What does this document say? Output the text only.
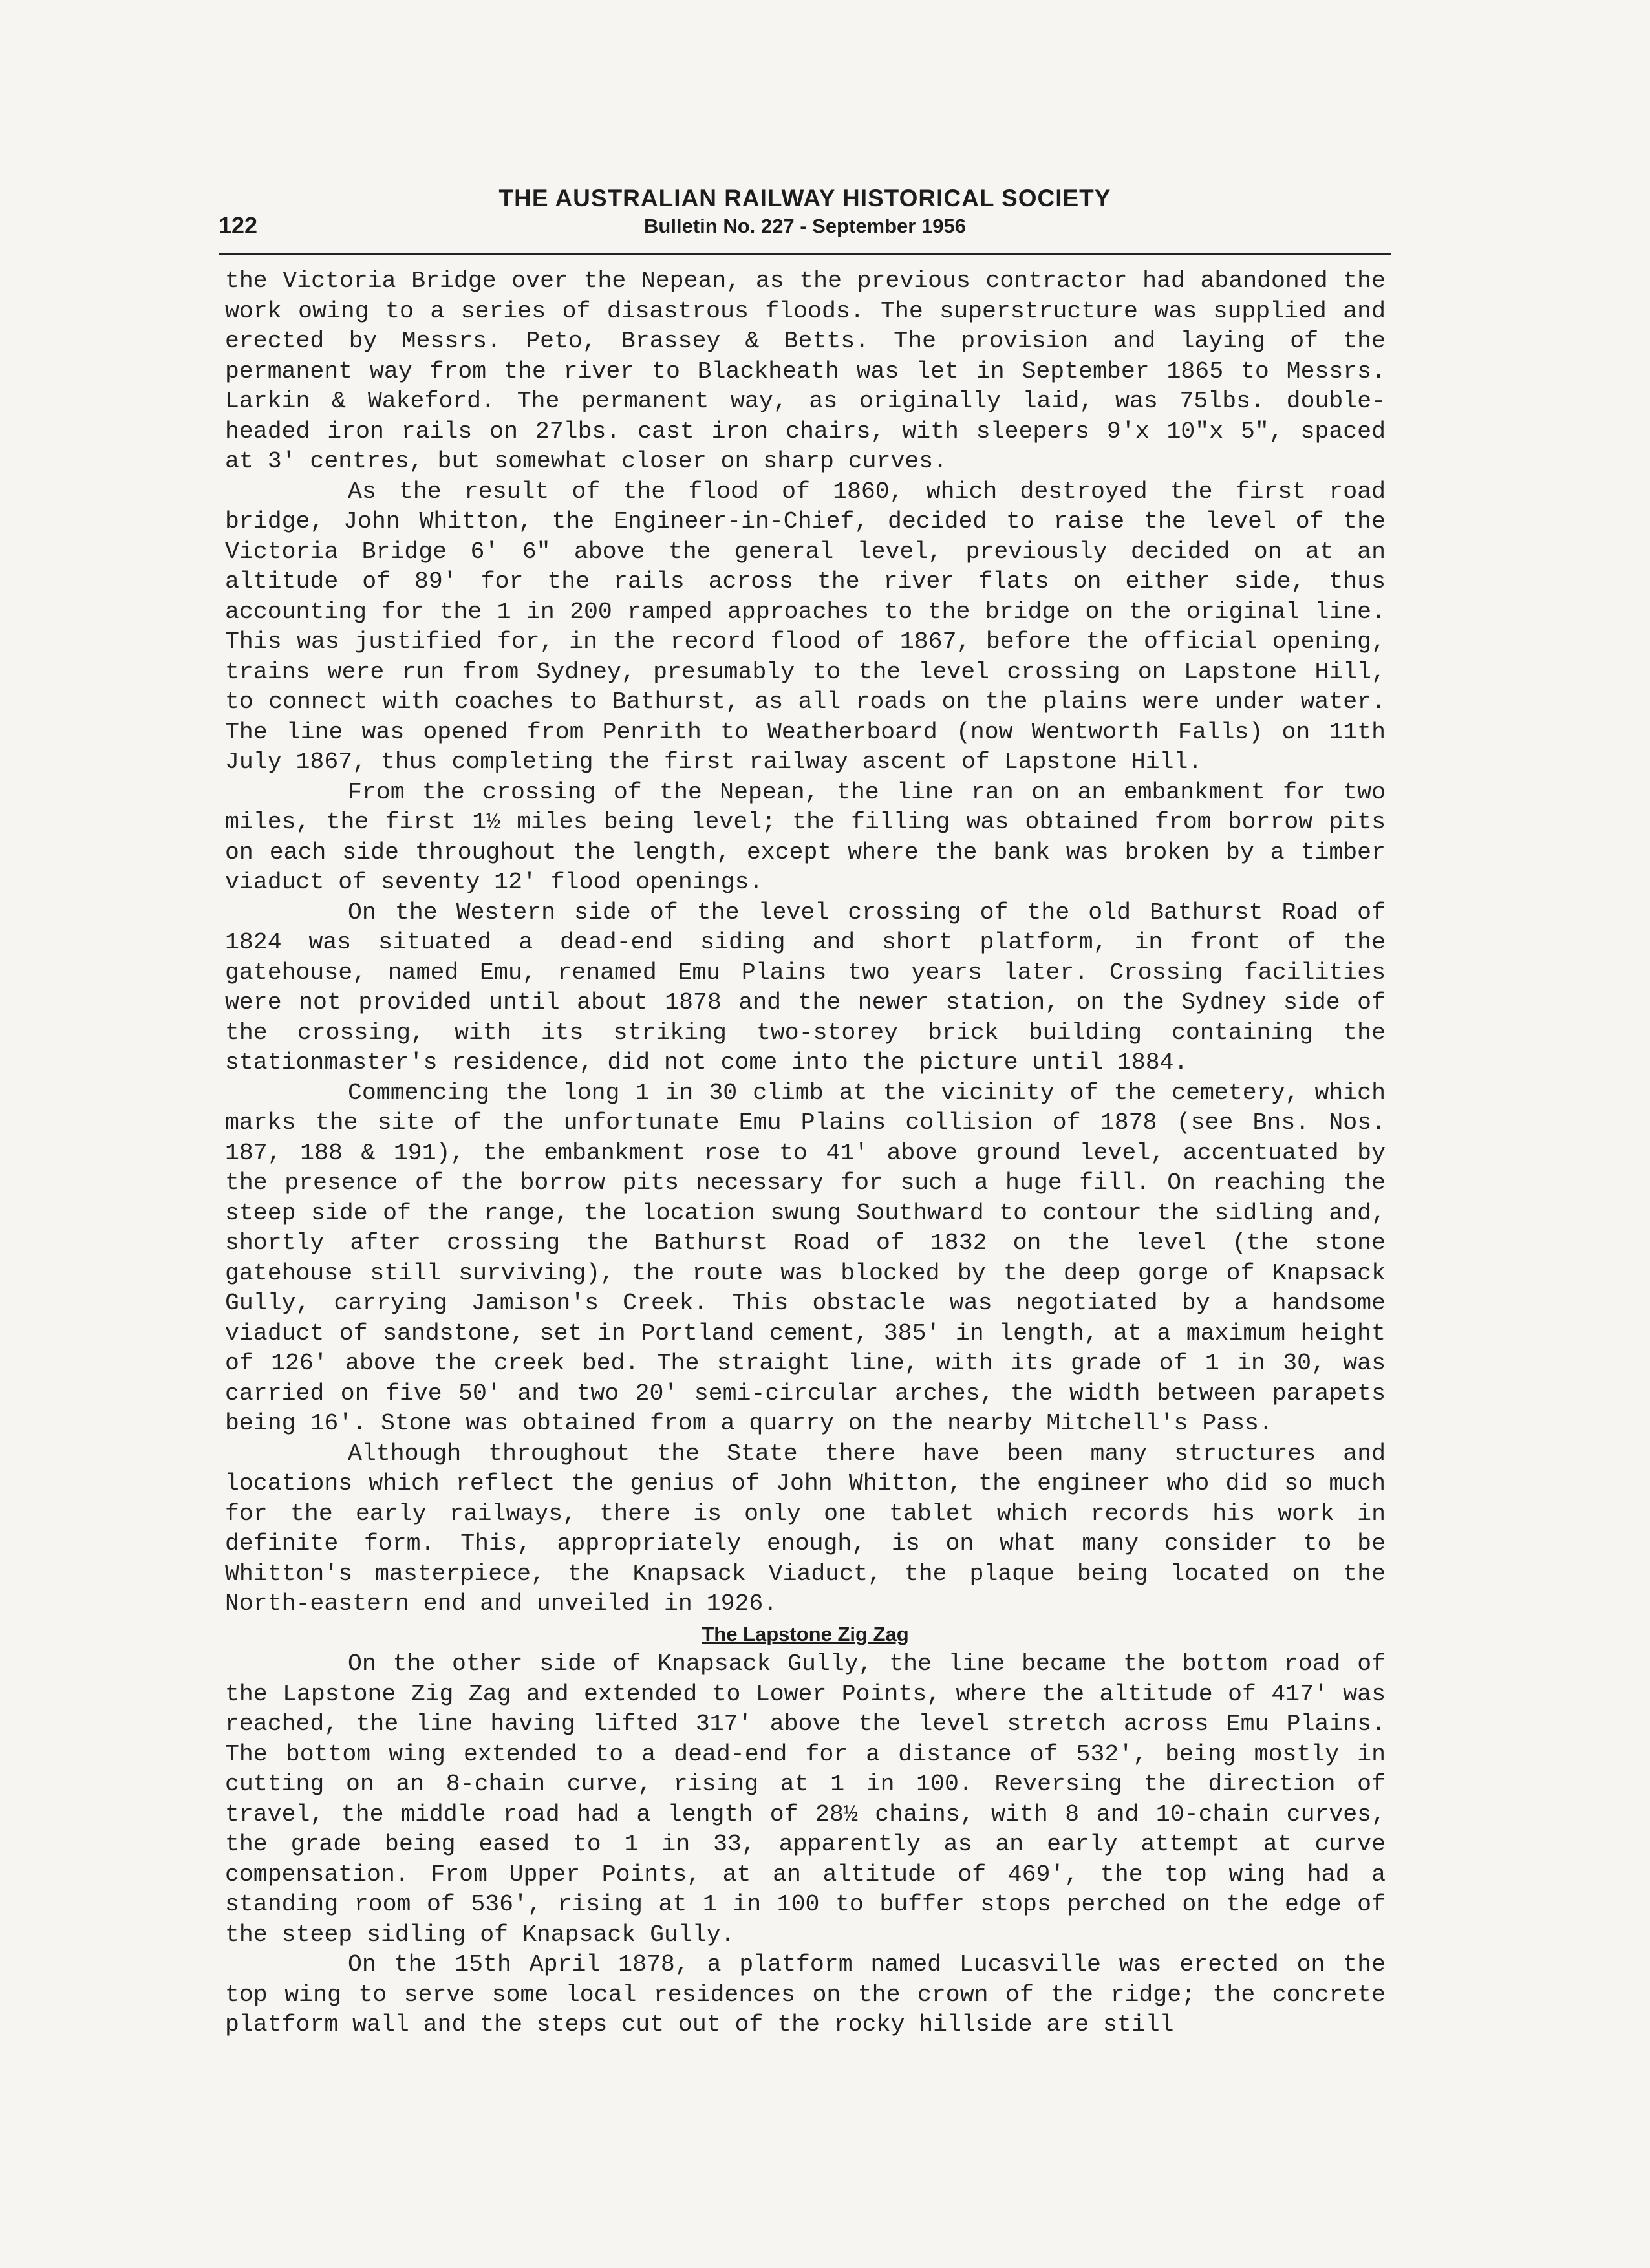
122
THE AUSTRALIAN RAILWAY HISTORICAL SOCIETY
Bulletin No. 227 - September 1956

the Victoria Bridge over the Nepean, as the previous contractor had abandoned the work owing to a series of disastrous floods. The superstructure was supplied and erected by Messrs. Peto, Brassey & Betts. The provision and laying of the permanent way from the river to Blackheath was let in September 1865 to Messrs. Larkin & Wakeford. The permanent way, as originally laid, was 75lbs. double-headed iron rails on 27lbs. cast iron chairs, with sleepers 9'x 10"x 5", spaced at 3' centres, but somewhat closer on sharp curves.

As the result of the flood of 1860, which destroyed the first road bridge, John Whitton, the Engineer-in-Chief, decided to raise the level of the Victoria Bridge 6' 6" above the general level, previously decided on at an altitude of 89' for the rails across the river flats on either side, thus accounting for the 1 in 200 ramped approaches to the bridge on the original line. This was justified for, in the record flood of 1867, before the official opening, trains were run from Sydney, presumably to the level crossing on Lapstone Hill, to connect with coaches to Bathurst, as all roads on the plains were under water. The line was opened from Penrith to Weatherboard (now Wentworth Falls) on 11th July 1867, thus completing the first railway ascent of Lapstone Hill.

From the crossing of the Nepean, the line ran on an embankment for two miles, the first 1½ miles being level; the filling was obtained from borrow pits on each side throughout the length, except where the bank was broken by a timber viaduct of seventy 12' flood openings.

On the Western side of the level crossing of the old Bathurst Road of 1824 was situated a dead-end siding and short platform, in front of the gatehouse, named Emu, renamed Emu Plains two years later. Crossing facilities were not provided until about 1878 and the newer station, on the Sydney side of the crossing, with its striking two-storey brick building containing the stationmaster's residence, did not come into the picture until 1884.

Commencing the long 1 in 30 climb at the vicinity of the cemetery, which marks the site of the unfortunate Emu Plains collision of 1878 (see Bns. Nos. 187, 188 & 191), the embankment rose to 41' above ground level, accentuated by the presence of the borrow pits necessary for such a huge fill. On reaching the steep side of the range, the location swung Southward to contour the sidling and, shortly after crossing the Bathurst Road of 1832 on the level (the stone gatehouse still surviving), the route was blocked by the deep gorge of Knapsack Gully, carrying Jamison's Creek. This obstacle was negotiated by a handsome viaduct of sandstone, set in Portland cement, 385' in length, at a maximum height of 126' above the creek bed. The straight line, with its grade of 1 in 30, was carried on five 50' and two 20' semi-circular arches, the width between parapets being 16'. Stone was obtained from a quarry on the nearby Mitchell's Pass.

Although throughout the State there have been many structures and locations which reflect the genius of John Whitton, the engineer who did so much for the early railways, there is only one tablet which records his work in definite form. This, appropriately enough, is on what many consider to be Whitton's masterpiece, the Knapsack Viaduct, the plaque being located on the North-eastern end and unveiled in 1926.

The Lapstone Zig Zag

On the other side of Knapsack Gully, the line became the bottom road of the Lapstone Zig Zag and extended to Lower Points, where the altitude of 417' was reached, the line having lifted 317' above the level stretch across Emu Plains. The bottom wing extended to a dead-end for a distance of 532', being mostly in cutting on an 8-chain curve, rising at 1 in 100. Reversing the direction of travel, the middle road had a length of 28½ chains, with 8 and 10-chain curves, the grade being eased to 1 in 33, apparently as an early attempt at curve compensation. From Upper Points, at an altitude of 469', the top wing had a standing room of 536', rising at 1 in 100 to buffer stops perched on the edge of the steep sidling of Knapsack Gully.

On the 15th April 1878, a platform named Lucasville was erected on the top wing to serve some local residences on the crown of the ridge; the concrete platform wall and the steps cut out of the rocky hillside are still
